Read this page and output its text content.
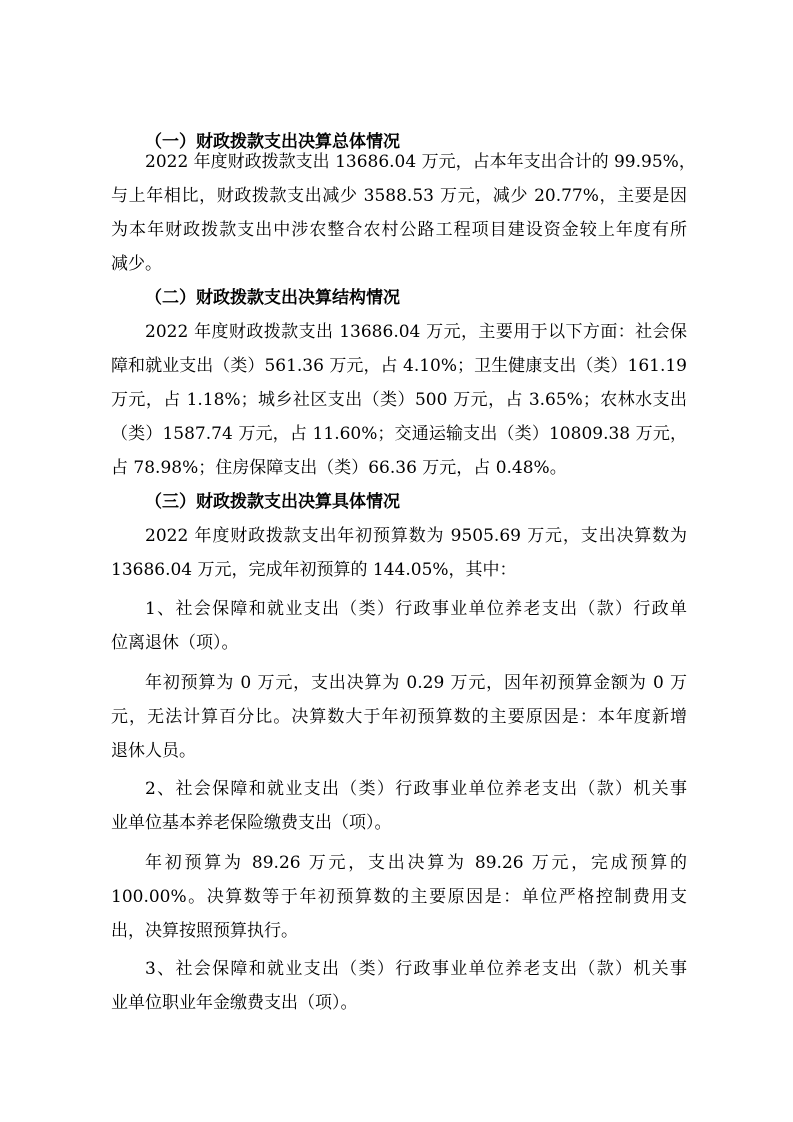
（一）财政拨款支出决算总体情况
2022 年度财政拨款支出 13686.04 万元，占本年支出合计的 99.95%，
与上年相比，财政拨款支出减少 3588.53 万元，减少 20.77%，主要是因
为本年财政拨款支出中涉农整合农村公路工程项目建设资金较上年度有所
减少。
（二）财政拨款支出决算结构情况
2022 年度财政拨款支出 13686.04 万元，主要用于以下方面：社会保
障和就业支出（类）561.36 万元，占 4.10%；卫生健康支出（类）161.19
万元，占 1.18%；城乡社区支出（类）500 万元，占 3.65%；农林水支出
（类）1587.74 万元，占 11.60%；交通运输支出（类）10809.38 万元，
占 78.98%；住房保障支出（类）66.36 万元，占 0.48%。
（三）财政拨款支出决算具体情况
2022 年度财政拨款支出年初预算数为 9505.69 万元，支出决算数为
13686.04 万元，完成年初预算的 144.05%，其中：
1、社会保障和就业支出（类）行政事业单位养老支出（款）行政单
位离退休（项）。
年初预算为 0 万元，支出决算为 0.29 万元，因年初预算金额为 0 万
元，无法计算百分比。决算数大于年初预算数的主要原因是：本年度新增
退休人员。
2、社会保障和就业支出（类）行政事业单位养老支出（款）机关事
业单位基本养老保险缴费支出（项）。
年初预算为 89.26 万元，支出决算为 89.26 万元，完成预算的
100.00%。决算数等于年初预算数的主要原因是：单位严格控制费用支
出，决算按照预算执行。
3、社会保障和就业支出（类）行政事业单位养老支出（款）机关事
业单位职业年金缴费支出（项）。
